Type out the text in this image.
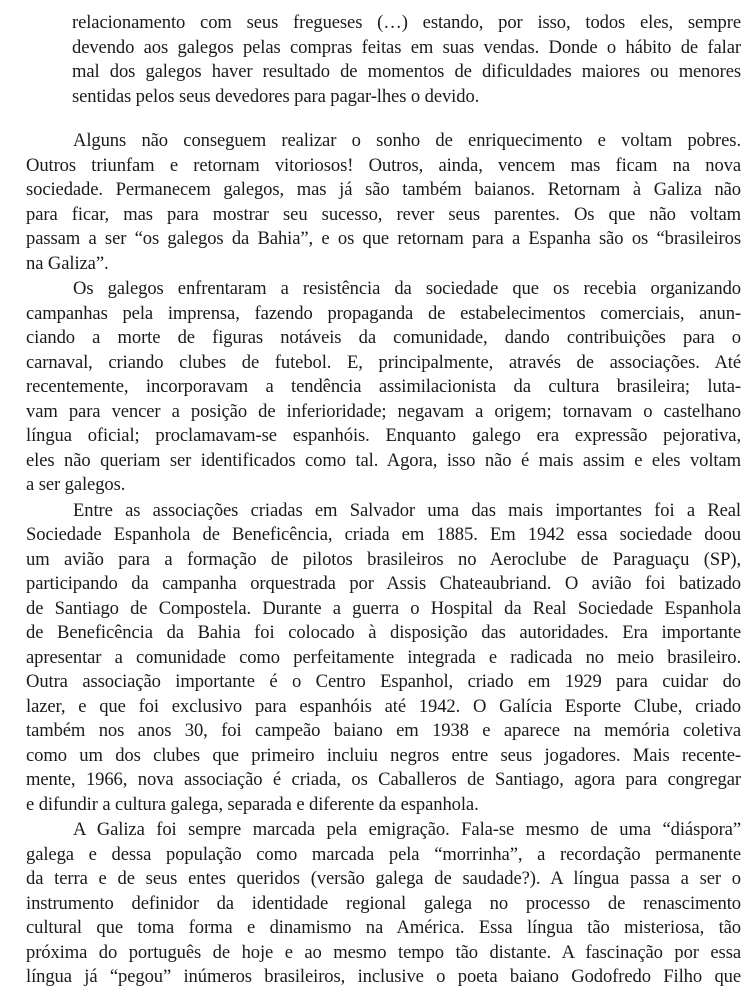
relacionamento com seus fregueses (…) estando, por isso, todos eles, sempre
devendo aos galegos pelas compras feitas em suas vendas. Donde o hábito de falar
mal dos galegos haver resultado de momentos de dificuldades maiores ou menores
sentidas pelos seus devedores para pagar-lhes o devido.
Alguns não conseguem realizar o sonho de enriquecimento e voltam pobres.
Outros triunfam e retornam vitoriosos! Outros, ainda, vencem mas ficam na nova
sociedade. Permanecem galegos, mas já são também baianos. Retornam à Galiza não
para ficar, mas para mostrar seu sucesso, rever seus parentes. Os que não voltam
passam a ser “os galegos da Bahia”, e os que retornam para a Espanha são os “brasileiros
na Galiza”.
Os galegos enfrentaram a resistência da sociedade que os recebia organizando
campanhas pela imprensa, fazendo propaganda de estabelecimentos comerciais, anun-
ciando a morte de figuras notáveis da comunidade, dando contribuições para o
carnaval, criando clubes de futebol. E, principalmente, através de associações. Até
recentemente, incorporavam a tendência assimilacionista da cultura brasileira; luta-
vam para vencer a posição de inferioridade; negavam a origem; tornavam o castelhano
língua oficial; proclamavam-se espanhóis. Enquanto galego era expressão pejorativa,
eles não queriam ser identificados como tal. Agora, isso não é mais assim e eles voltam
a ser galegos.
Entre as associações criadas em Salvador uma das mais importantes foi a Real
Sociedade Espanhola de Beneficência, criada em 1885. Em 1942 essa sociedade doou
um avião para a formação de pilotos brasileiros no Aeroclube de Paraguaçu (SP),
participando da campanha orquestrada por Assis Chateaubriand. O avião foi batizado
de Santiago de Compostela. Durante a guerra o Hospital da Real Sociedade Espanhola
de Beneficência da Bahia foi colocado à disposição das autoridades. Era importante
apresentar a comunidade como perfeitamente integrada e radicada no meio brasileiro.
Outra associação importante é o Centro Espanhol, criado em 1929 para cuidar do
lazer, e que foi exclusivo para espanhóis até 1942. O Galícia Esporte Clube, criado
também nos anos 30, foi campeão baiano em 1938 e aparece na memória coletiva
como um dos clubes que primeiro incluiu negros entre seus jogadores. Mais recente-
mente, 1966, nova associação é criada, os Caballeros de Santiago, agora para congregar
e difundir a cultura galega, separada e diferente da espanhola.
A Galiza foi sempre marcada pela emigração. Fala-se mesmo de uma “diáspora”
galega e dessa população como marcada pela “morrinha”, a recordação permanente
da terra e de seus entes queridos (versão galega de saudade?). A língua passa a ser o
instrumento definidor da identidade regional galega no processo de renascimento
cultural que toma forma e dinamismo na América. Essa língua tão misteriosa, tão
próxima do português de hoje e ao mesmo tempo tão distante. A fascinação por essa
língua já “pegou” inúmeros brasileiros, inclusive o poeta baiano Godofredo Filho que
